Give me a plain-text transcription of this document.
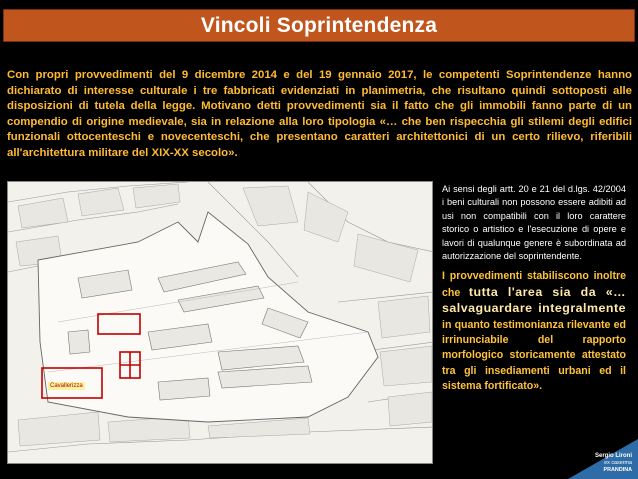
Vincoli Soprintendenza
Con propri provvedimenti del 9 dicembre 2014 e del 19 gennaio 2017, le competenti Soprintendenze hanno dichiarato di interesse culturale i tre fabbricati evidenziati in planimetria, che risultano quindi sottoposti alle disposizioni di tutela della legge. Motivano detti provvedimenti sia il fatto che gli immobili fanno parte di un compendio di origine medievale, sia in relazione alla loro tipologia «… che ben rispecchia gli stilemi degli edifici funzionali ottocenteschi e novecenteschi, che presentano caratteri architettonici di un certo rilievo, riferibili all'architettura militare del XIX-XX secolo».
Cavallerizza

Ai sensi degli artt. 20 e 21 del d.lgs. 42/2004 i beni culturali non possono essere adibiti ad usi non compatibili con il loro carattere storico o artistico e l'esecuzione di opere e lavori di qualunque genere è subordinata ad autorizzazione del soprintendente.

I provvedimenti stabiliscono inoltre che tutta l'area sia da «…salvaguardare integralmente in quanto testimonianza rilevante ed irrinunciabile del rapporto morfologico storicamente attestato tra gli insediamenti urbani ed il sistema fortificato».
Sergio Lironi
ex caserma
PRANDINA
